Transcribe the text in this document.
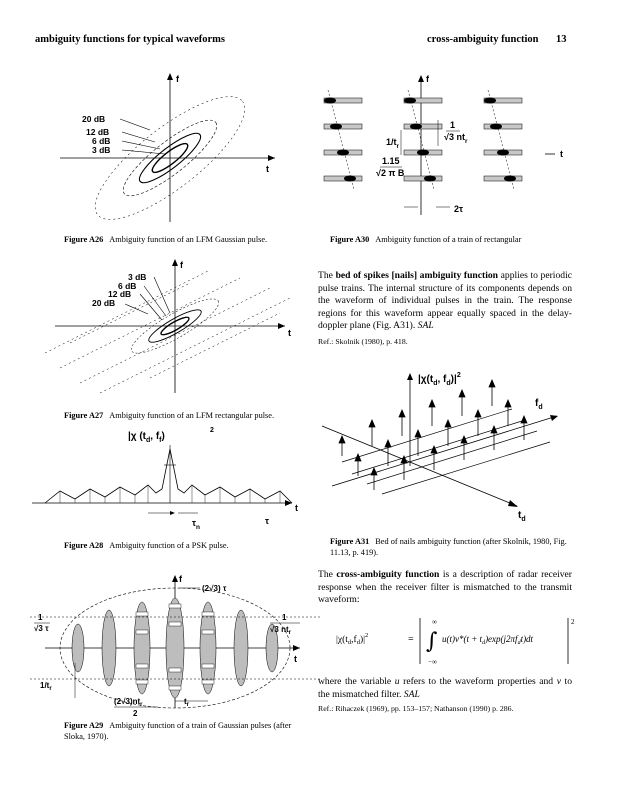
ambiguity functions for typical waveforms	cross-ambiguity function 13
f
t
20 dB
12 dB
6 dB
3 dB
Figure A26 Ambiguity function of an LFM Gaussian pulse.
f
t
3 dB
6 dB
12 dB
20 dB
Figure A27 Ambiguity function of an LFM rectangular pulse.
|χ ($t_d$, $f_f$)
2
t
$\tau_n$
τ
Figure A28 Ambiguity function of a PSK pulse.
f
t
(2√3) τ
1
√3 τ
1
√3 $nt_r$
$1/t_r$
$(2√3)nt_r$
2
$t_r$
Figure A29 Ambiguity function of a train of Gaussian pulses (after Sloka, 1970).
f
t
1
√3 $nt_r$
$1/t_r$
1.15
√2 π B
2τ
Figure A30 Ambiguity function of a train of rectangular
The bed of spikes [nails] ambiguity function applies to periodic pulse trains. The internal structure of its components depends on the waveform of individual pulses in the train. The response regions for this waveform appear equally spaced in the delay-doppler plane (Fig. A31). SAL
Ref.: Skolnik (1980), p. 418.
$|\chi(t_d$, $f_d)|^2$
$t_d$
$f_d$
Figure A31 Bed of nails ambiguity function (after Skolnik, 1980, Fig. 11.13, p. 419).
The cross-ambiguity function is a description of radar receiver response when the receiver filter is mismatched to the transmit waveform:
$|\chi(t_d,f_d)|^2$	= ∫
∞
−∞
$u(t)v*(t + t_d)\exp(j2\pi f_dt)dt$
2
where the variable u refers to the waveform properties and v to the mismatched filter. SAL
Ref.: Rihaczek (1969), pp. 153–157; Nathanson (1990) p. 286.
